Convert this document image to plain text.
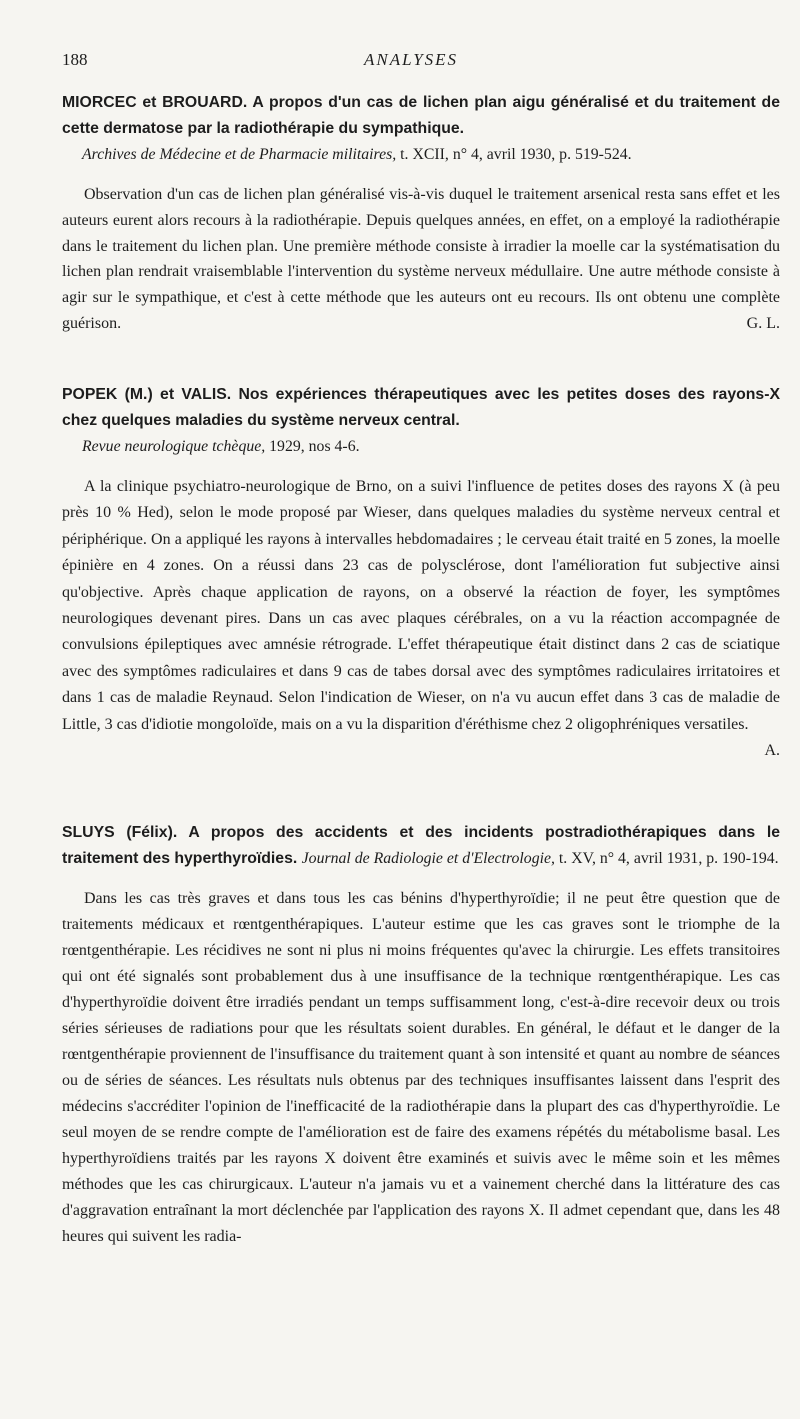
188	ANALYSES

MIORCEC et BROUARD. A propos d'un cas de lichen plan aigu généralisé et du traitement de cette dermatose par la radiothérapie du sympathique.
Archives de Médecine et de Pharmacie militaires, t. XCII, n° 4, avril 1930, p. 519-524.

Observation d'un cas de lichen plan généralisé vis-à-vis duquel le traitement arsenical resta sans effet et les auteurs eurent alors recours à la radiothérapie. Depuis quelques années, en effet, on a employé la radiothérapie dans le traitement du lichen plan. Une première méthode consiste à irradier la moelle car la systématisation du lichen plan rendrait vraisemblable l'intervention du système nerveux médullaire. Une autre méthode consiste à agir sur le sympathique, et c'est à cette méthode que les auteurs ont eu recours. Ils ont obtenu une complète guérison.	G. L.

POPEK (M.) et VALIS. Nos expériences thérapeutiques avec les petites doses des rayons-X chez quelques maladies du système nerveux central.
Revue neurologique tchèque, 1929, nos 4-6.

A la clinique psychiatro-neurologique de Brno, on a suivi l'influence de petites doses des rayons X (à peu près 10 % Hed), selon le mode proposé par Wieser, dans quelques maladies du système nerveux central et périphérique. On a appliqué les rayons à intervalles hebdomadaires ; le cerveau était traité en 5 zones, la moelle épinière en 4 zones. On a réussi dans 23 cas de polysclérose, dont l'amélioration fut subjective ainsi qu'objective. Après chaque application de rayons, on a observé la réaction de foyer, les symptômes neurologiques devenant pires. Dans un cas avec plaques cérébrales, on a vu la réaction accompagnée de convulsions épileptiques avec amnésie rétrograde. L'effet thérapeutique était distinct dans 2 cas de sciatique avec des symptômes radiculaires et dans 9 cas de tabes dorsal avec des symptômes radiculaires irritatoires et dans 1 cas de maladie Reynaud. Selon l'indication de Wieser, on n'a vu aucun effet dans 3 cas de maladie de Little, 3 cas d'idiotie mongoloïde, mais on a vu la disparition d'éréthisme chez 2 oligophréniques versatiles.
A.

SLUYS (Félix). A propos des accidents et des incidents postradiothérapiques dans le traitement des hyperthyroïdies. Journal de Radiologie et d'Electrologie, t. XV, n° 4, avril 1931, p. 190-194.

Dans les cas très graves et dans tous les cas bénins d'hyperthyroïdie; il ne peut être question que de traitements médicaux et rœntgenthérapiques. L'auteur estime que les cas graves sont le triomphe de la rœntgenthérapie. Les récidives ne sont ni plus ni moins fréquentes qu'avec la chirurgie. Les effets transitoires qui ont été signalés sont probablement dus à une insuffisance de la technique rœntgenthérapique. Les cas d'hyperthyroïdie doivent être irradiés pendant un temps suffisamment long, c'est-à-dire recevoir deux ou trois séries sérieuses de radiations pour que les résultats soient durables. En général, le défaut et le danger de la rœntgenthérapie proviennent de l'insuffisance du traitement quant à son intensité et quant au nombre de séances ou de séries de séances. Les résultats nuls obtenus par des techniques insuffisantes laissent dans l'esprit des médecins s'accréditer l'opinion de l'inefficacité de la radiothérapie dans la plupart des cas d'hyperthyroïdie. Le seul moyen de se rendre compte de l'amélioration est de faire des examens répétés du métabolisme basal. Les hyperthyroïdiens traités par les rayons X doivent être examinés et suivis avec le même soin et les mêmes méthodes que les cas chirurgicaux. L'auteur n'a jamais vu et a vainement cherché dans la littérature des cas d'aggravation entraînant la mort déclenchée par l'application des rayons X. Il admet cependant que, dans les 48 heures qui suivent les radia-
